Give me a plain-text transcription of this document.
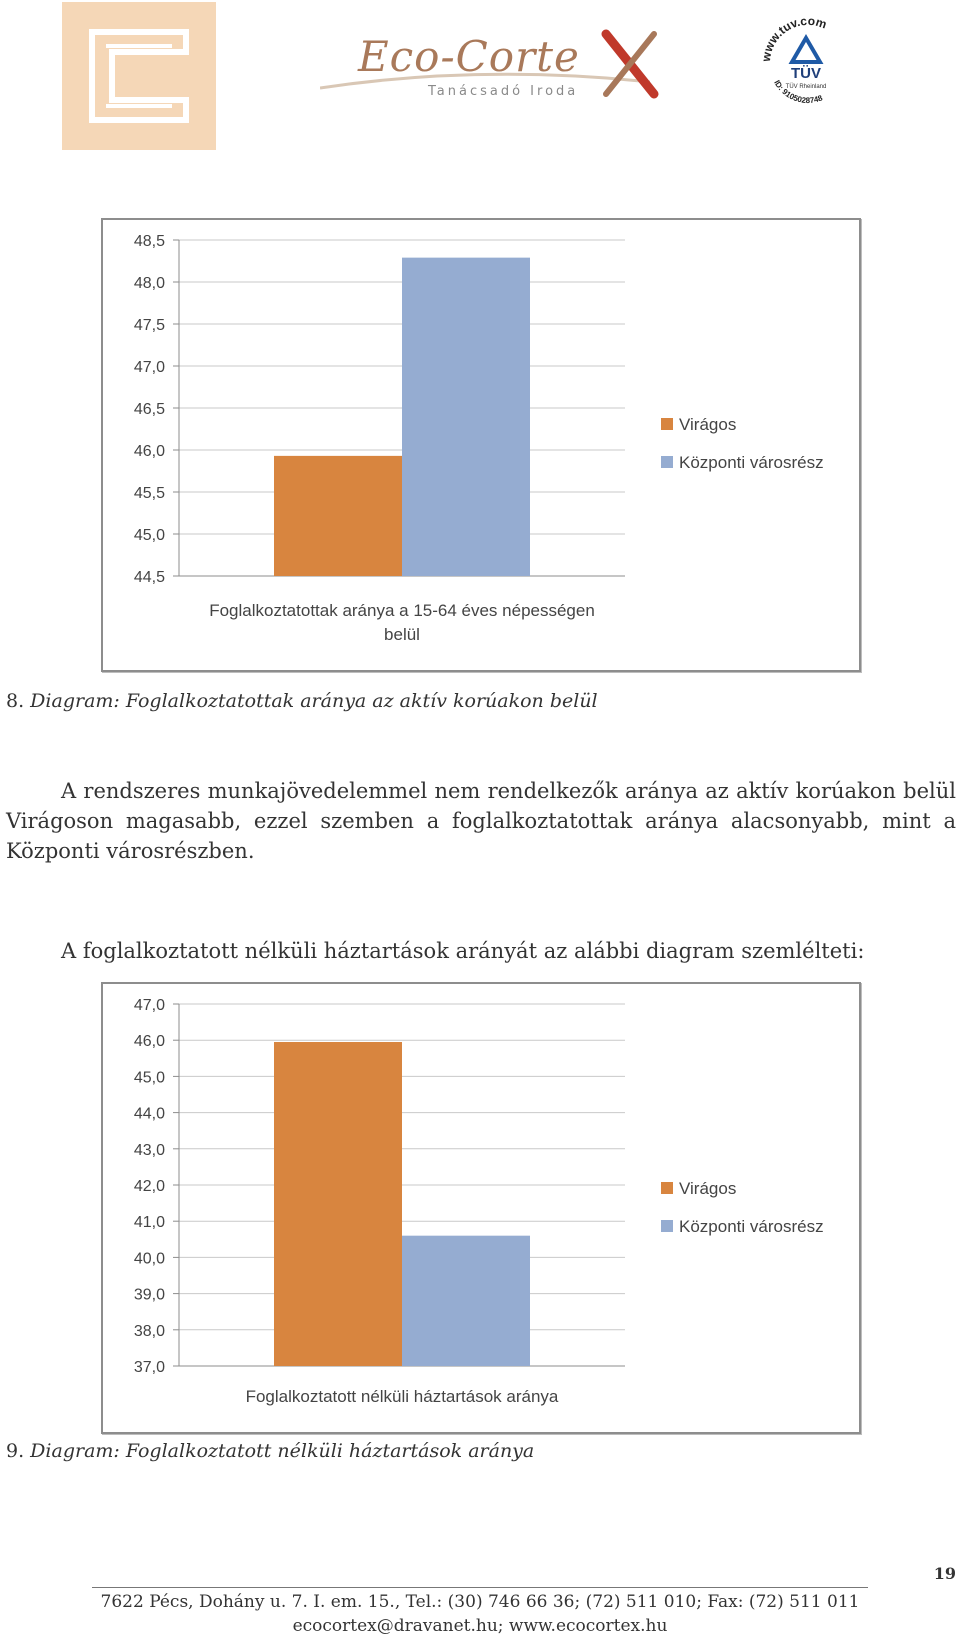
Eco-Corte
Tanácsadó Iroda
www.tuv.com
ID: 9105028748
TÜV
TÜV Rheinland
44,5
45,0
45,5
46,0
46,5
47,0
47,5
48,0
48,5
Foglalkoztatottak aránya a 15-64 éves népességen
belül
Virágos
Központi városrész
8. Diagram: Foglalkoztatottak aránya az aktív korúakon belül
A rendszeres munkajövedelemmel nem rendelkezők aránya az aktív korúakon belül Virágoson magasabb, ezzel szemben a foglalkoztatottak aránya alacsonyabb, mint a Központi városrészben.
A foglalkoztatott nélküli háztartások arányát az alábbi diagram szemlélteti:
37,0
38,0
39,0
40,0
41,0
42,0
43,0
44,0
45,0
46,0
47,0
Foglalkoztatott nélküli háztartások aránya
Virágos
Központi városrész
9. Diagram: Foglalkoztatott nélküli háztartások aránya
19
7622 Pécs, Dohány u. 7. I. em. 15., Tel.: (30) 746 66 36; (72) 511 010; Fax: (72) 511 011
ecocortex@dravanet.hu; www.ecocortex.hu
